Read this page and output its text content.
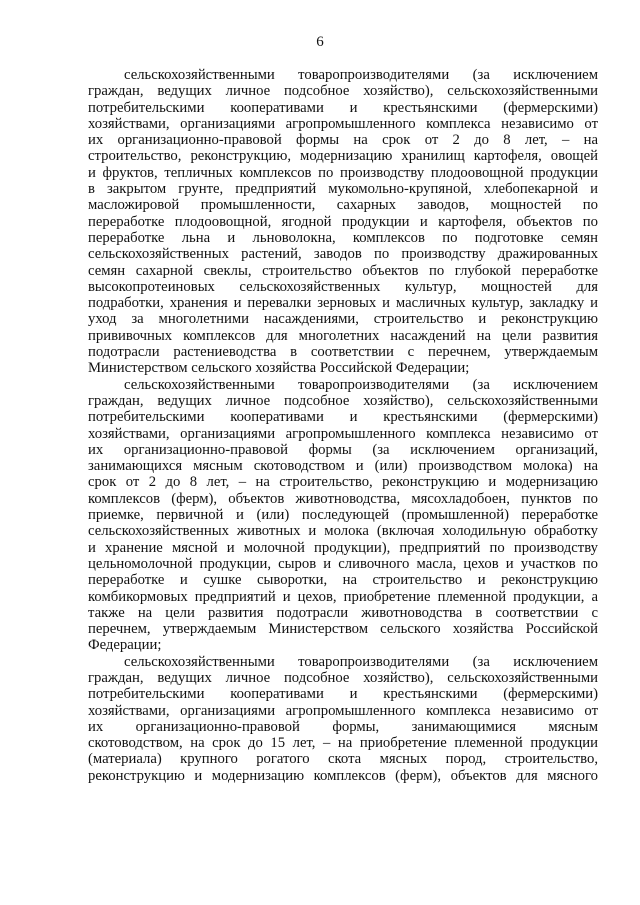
6
сельскохозяйственными товаропроизводителями (за исключением
граждан, ведущих личное подсобное хозяйство), сельскохозяйственными
потребительскими кооперативами и крестьянскими (фермерскими)
хозяйствами, организациями агропромышленного комплекса независимо от
их организационно-правовой формы на срок от 2 до 8 лет, – на
строительство, реконструкцию, модернизацию хранилищ картофеля, овощей
и фруктов, тепличных комплексов по производству плодоовощной продукции
в закрытом грунте, предприятий мукомольно-крупяной, хлебопекарной и
масложировой промышленности, сахарных заводов, мощностей по
переработке плодоовощной, ягодной продукции и картофеля, объектов по
переработке льна и льноволокна, комплексов по подготовке семян
сельскохозяйственных растений, заводов по производству дражированных
семян сахарной свеклы, строительство объектов по глубокой переработке
высокопротеиновых сельскохозяйственных культур, мощностей для
подработки, хранения и перевалки зерновых и масличных культур, закладку и
уход за многолетними насаждениями, строительство и реконструкцию
прививочных комплексов для многолетних насаждений на цели развития
подотрасли растениеводства в соответствии с перечнем, утверждаемым
Министерством сельского хозяйства Российской Федерации;
сельскохозяйственными товаропроизводителями (за исключением
граждан, ведущих личное подсобное хозяйство), сельскохозяйственными
потребительскими кооперативами и крестьянскими (фермерскими)
хозяйствами, организациями агропромышленного комплекса независимо от
их организационно-правовой формы (за исключением организаций,
занимающихся мясным скотоводством и (или) производством молока) на
срок от 2 до 8 лет, – на строительство, реконструкцию и модернизацию
комплексов (ферм), объектов животноводства, мясохладобоен, пунктов по
приемке, первичной и (или) последующей (промышленной) переработке
сельскохозяйственных животных и молока (включая холодильную обработку
и хранение мясной и молочной продукции), предприятий по производству
цельномолочной продукции, сыров и сливочного масла, цехов и участков по
переработке и сушке сыворотки, на строительство и реконструкцию
комбикормовых предприятий и цехов, приобретение племенной продукции, а
также на цели развития подотрасли животноводства в соответствии с
перечнем, утверждаемым Министерством сельского хозяйства Российской
Федерации;
сельскохозяйственными товаропроизводителями (за исключением
граждан, ведущих личное подсобное хозяйство), сельскохозяйственными
потребительскими кооперативами и крестьянскими (фермерскими)
хозяйствами, организациями агропромышленного комплекса независимо от
их организационно-правовой формы, занимающимися мясным
скотоводством, на срок до 15 лет, – на приобретение племенной продукции
(материала) крупного рогатого скота мясных пород, строительство,
реконструкцию и модернизацию комплексов (ферм), объектов для мясного
